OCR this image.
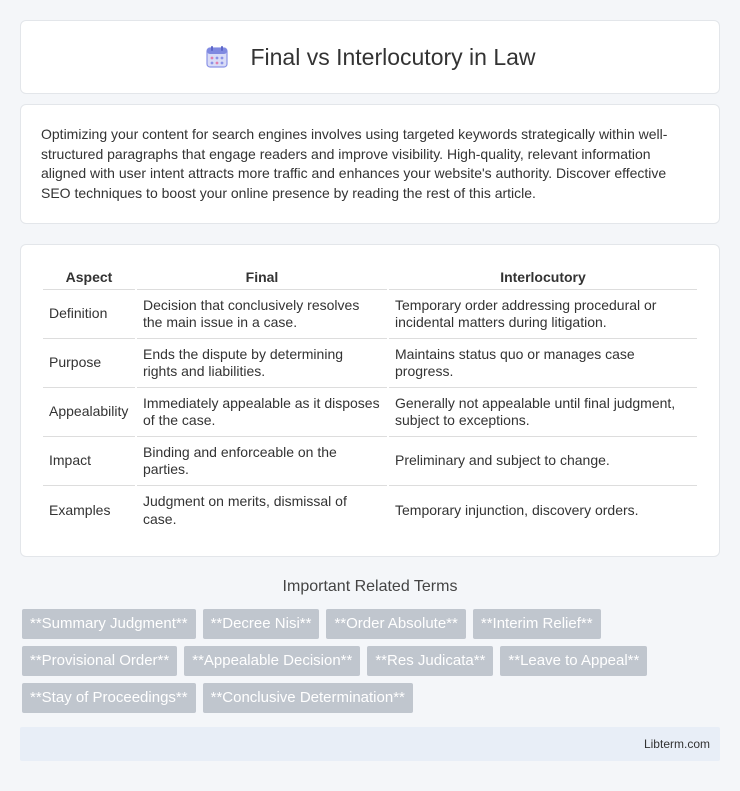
Final vs Interlocutory in Law

Optimizing your content for search engines involves using targeted keywords strategically within well-structured paragraphs that engage readers and improve visibility. High-quality, relevant information aligned with user intent attracts more traffic and enhances your website's authority. Discover effective SEO techniques to boost your online presence by reading the rest of this article.

Aspect	Final	Interlocutory
Definition	Decision that conclusively resolves the main issue in a case.	Temporary order addressing procedural or incidental matters during litigation.
Purpose	Ends the dispute by determining rights and liabilities.	Maintains status quo or manages case progress.
Appealability	Immediately appealable as it disposes of the case.	Generally not appealable until final judgment, subject to exceptions.
Impact	Binding and enforceable on the parties.	Preliminary and subject to change.
Examples	Judgment on merits, dismissal of case.	Temporary injunction, discovery orders.
Important Related Terms
**Summary Judgment**	**Decree Nisi**	**Order Absolute**	**Interim Relief**
**Provisional Order**	**Appealable Decision**	**Res Judicata**	**Leave to Appeal**
**Stay of Proceedings**	**Conclusive Determination**
Libterm.com
